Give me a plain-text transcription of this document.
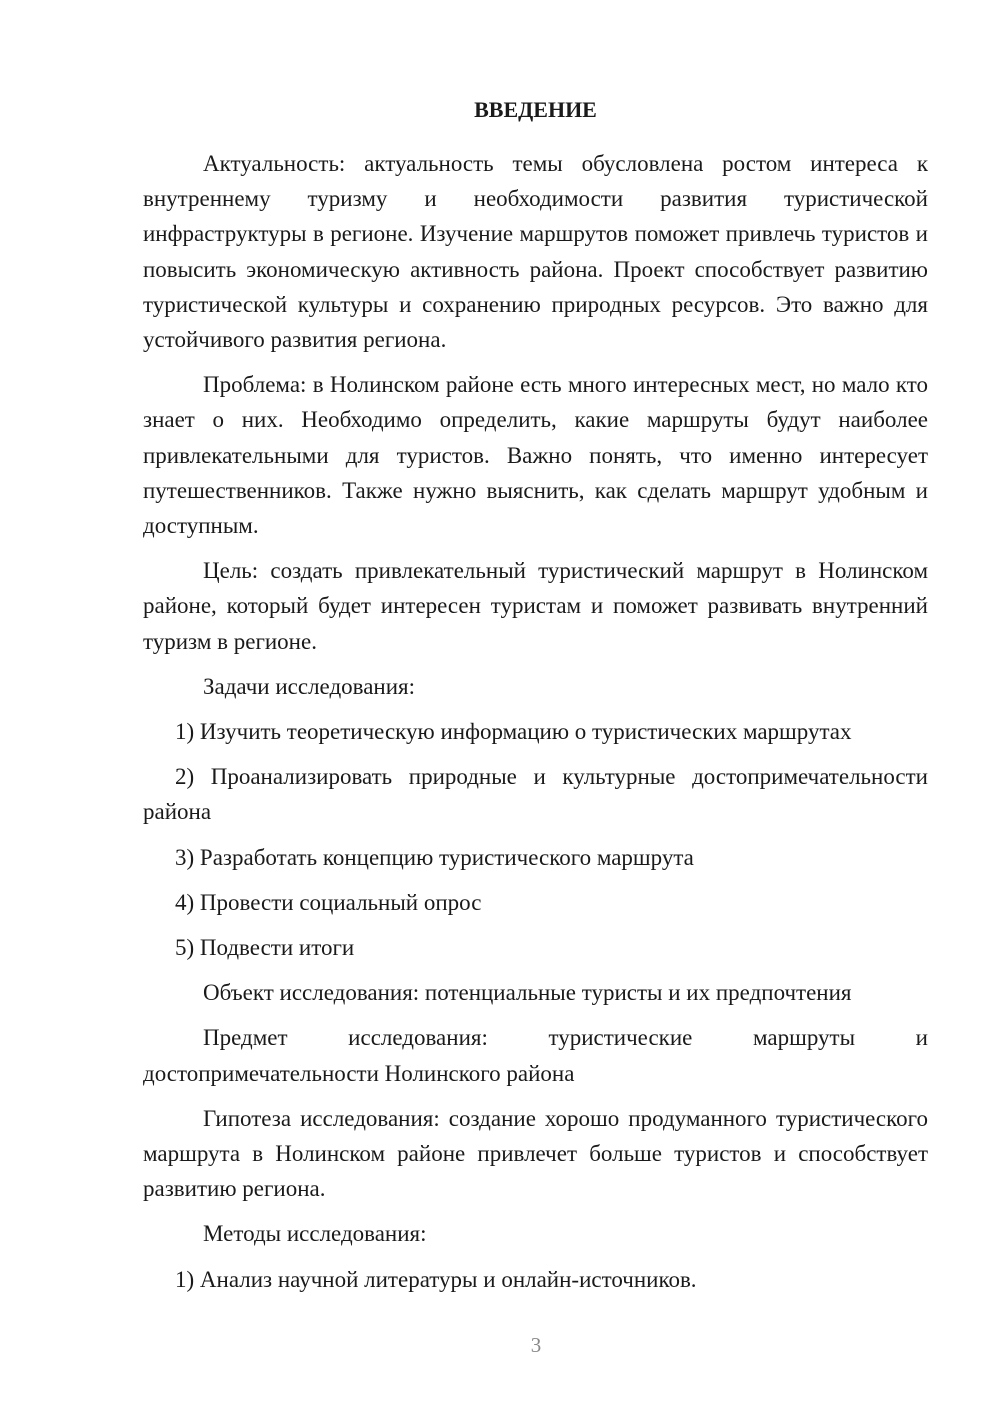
ВВЕДЕНИЕ

Актуальность: актуальность темы обусловлена ростом интереса к внутреннему туризму и необходимости развития туристической инфраструктуры в регионе. Изучение маршрутов поможет привлечь туристов и повысить экономическую активность района. Проект способствует развитию туристической культуры и сохранению природных ресурсов. Это важно для устойчивого развития региона.

Проблема: в Нолинском районе есть много интересных мест, но мало кто знает о них. Необходимо определить, какие маршруты будут наиболее привлекательными для туристов. Важно понять, что именно интересует путешественников. Также нужно выяснить, как сделать маршрут удобным и доступным.

Цель: создать привлекательный туристический маршрут в Нолинском районе, который будет интересен туристам и поможет развивать внутренний туризм в регионе.

Задачи исследования:

1) Изучить теоретическую информацию о туристических маршрутах

2) Проанализировать природные и культурные достопримечательности района

3) Разработать концепцию туристического маршрута

4) Провести социальный опрос

5) Подвести итоги

Объект исследования: потенциальные туристы и их предпочтения

Предмет исследования: туристические маршруты и достопримечательности Нолинского района

Гипотеза исследования: создание хорошо продуманного туристического маршрута в Нолинском районе привлечет больше туристов и способствует развитию региона.

Методы исследования:

1) Анализ научной литературы и онлайн-источников.

3
